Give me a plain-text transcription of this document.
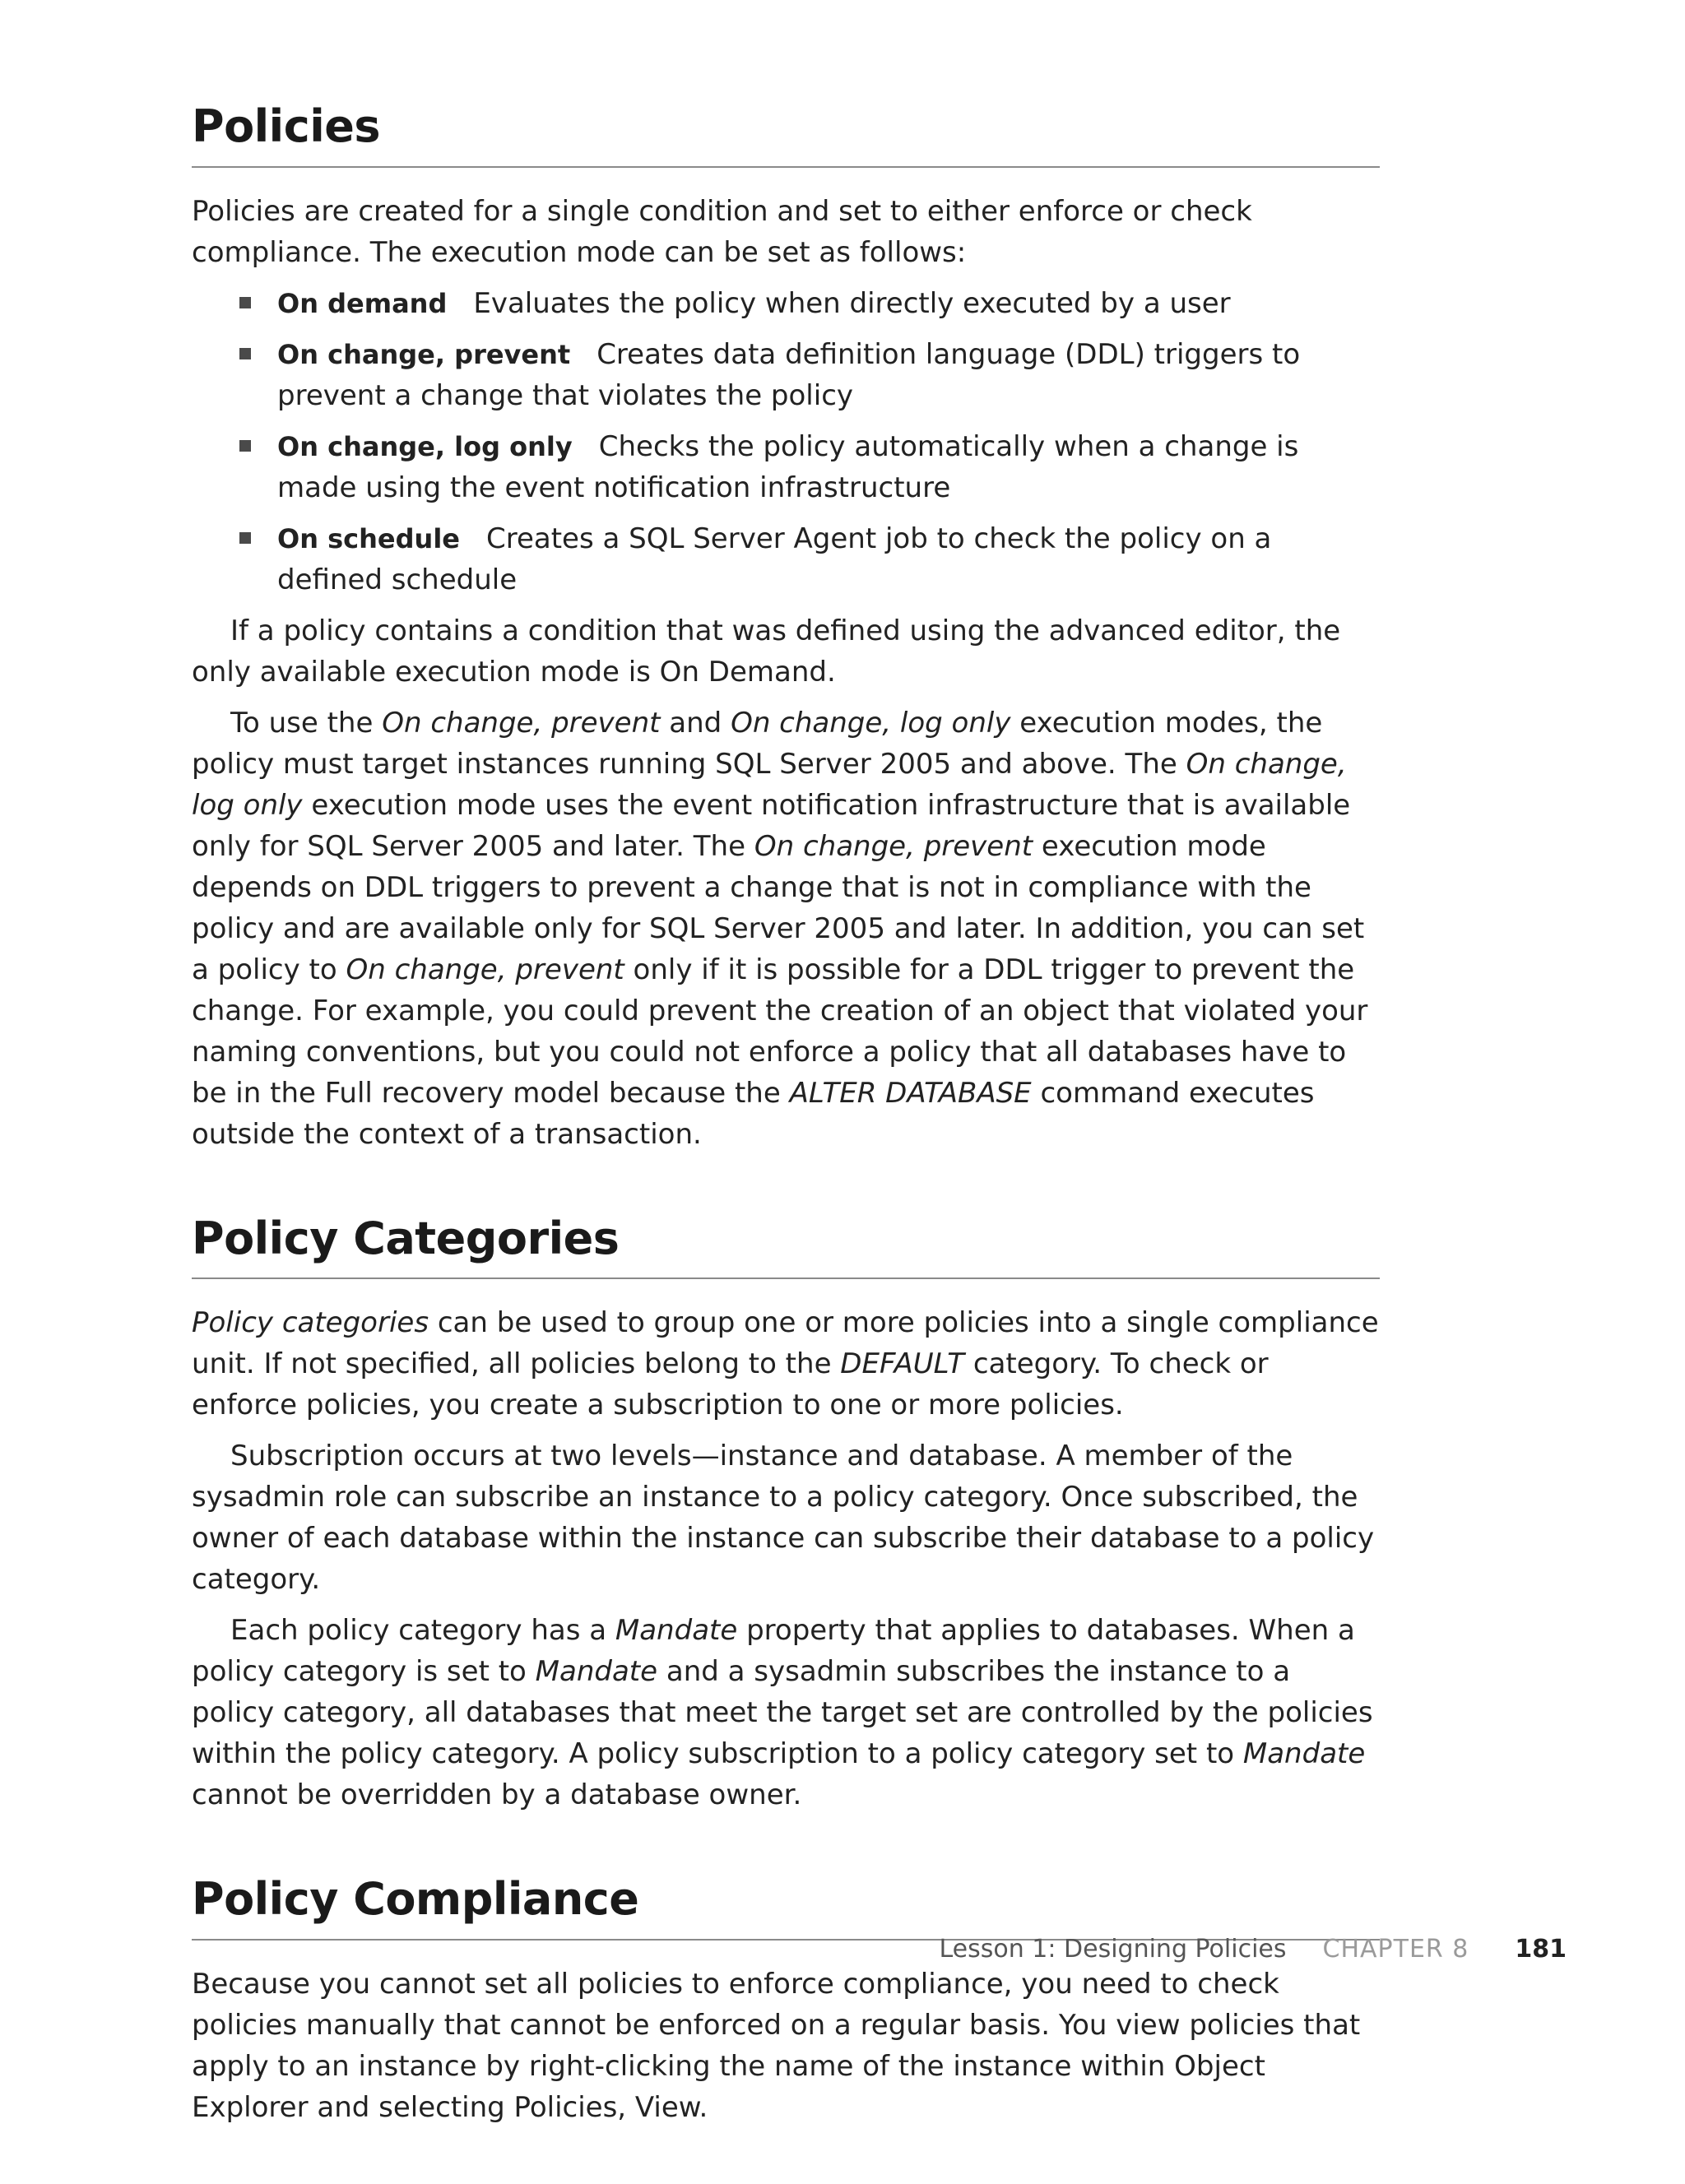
Policies

Policies are created for a single condition and set to either enforce or check compliance. The execution mode can be set as follows:

On demand Evaluates the policy when directly executed by a user
On change, prevent Creates data definition language (DDL) triggers to prevent a change that violates the policy
On change, log only Checks the policy automatically when a change is made using the event notification infrastructure
On schedule Creates a SQL Server Agent job to check the policy on a defined schedule

If a policy contains a condition that was defined using the advanced editor, the only available execution mode is On Demand.

To use the On change, prevent and On change, log only execution modes, the policy must target instances running SQL Server 2005 and above. The On change, log only execution mode uses the event notification infrastructure that is available only for SQL Server 2005 and later. The On change, prevent execution mode depends on DDL triggers to prevent a change that is not in compliance with the policy and are available only for SQL Server 2005 and later. In addition, you can set a policy to On change, prevent only if it is possible for a DDL trigger to prevent the change. For example, you could prevent the creation of an object that violated your naming conventions, but you could not enforce a policy that all databases have to be in the Full recovery model because the ALTER DATABASE command executes outside the context of a transaction.

Policy Categories

Policy categories can be used to group one or more policies into a single compliance unit. If not specified, all policies belong to the DEFAULT category. To check or enforce policies, you create a subscription to one or more policies.

Subscription occurs at two levels—instance and database. A member of the sysadmin role can subscribe an instance to a policy category. Once subscribed, the owner of each database within the instance can subscribe their database to a policy category.

Each policy category has a Mandate property that applies to databases. When a policy category is set to Mandate and a sysadmin subscribes the instance to a policy category, all databases that meet the target set are controlled by the policies within the policy category. A policy subscription to a policy category set to Mandate cannot be overridden by a database owner.

Policy Compliance

Because you cannot set all policies to enforce compliance, you need to check policies manually that cannot be enforced on a regular basis. You view policies that apply to an instance by right-clicking the name of the instance within Object Explorer and selecting Policies, View.

Lesson 1: Designing Policies CHAPTER 8 181
